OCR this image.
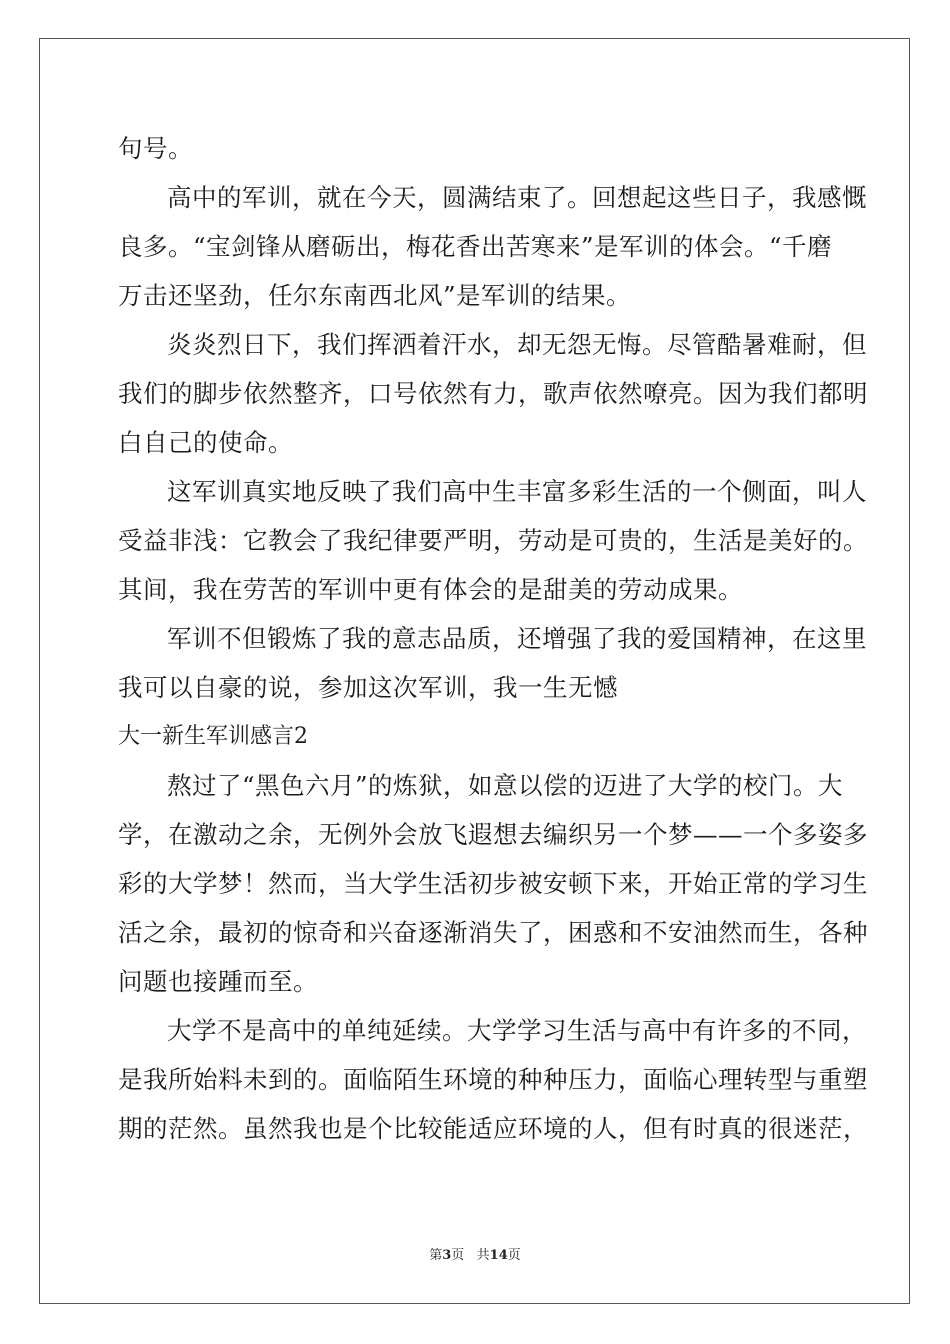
句号。
高中的军训，就在今天，圆满结束了。回想起这些日子，我感慨
良多。“宝剑锋从磨砺出，梅花香出苦寒来”是军训的体会。“千磨
万击还坚劲，任尔东南西北风”是军训的结果。
炎炎烈日下，我们挥洒着汗水，却无怨无悔。尽管酷暑难耐，但
我们的脚步依然整齐，口号依然有力，歌声依然嘹亮。因为我们都明
白自己的使命。
这军训真实地反映了我们高中生丰富多彩生活的一个侧面，叫人
受益非浅：它教会了我纪律要严明，劳动是可贵的，生活是美好的。
其间，我在劳苦的军训中更有体会的是甜美的劳动成果。
军训不但锻炼了我的意志品质，还增强了我的爱国精神，在这里
我可以自豪的说，参加这次军训，我一生无憾
大一新生军训感言2
熬过了“黑色六月”的炼狱，如意以偿的迈进了大学的校门。大
学，在激动之余，无例外会放飞遐想去编织另一个梦——一个多姿多
彩的大学梦！然而，当大学生活初步被安顿下来，开始正常的学习生
活之余，最初的惊奇和兴奋逐渐消失了，困惑和不安油然而生，各种
问题也接踵而至。
大学不是高中的单纯延续。大学学习生活与高中有许多的不同，
是我所始料未到的。面临陌生环境的种种压力，面临心理转型与重塑
期的茫然。虽然我也是个比较能适应环境的人，但有时真的很迷茫，
第3页   共14页
